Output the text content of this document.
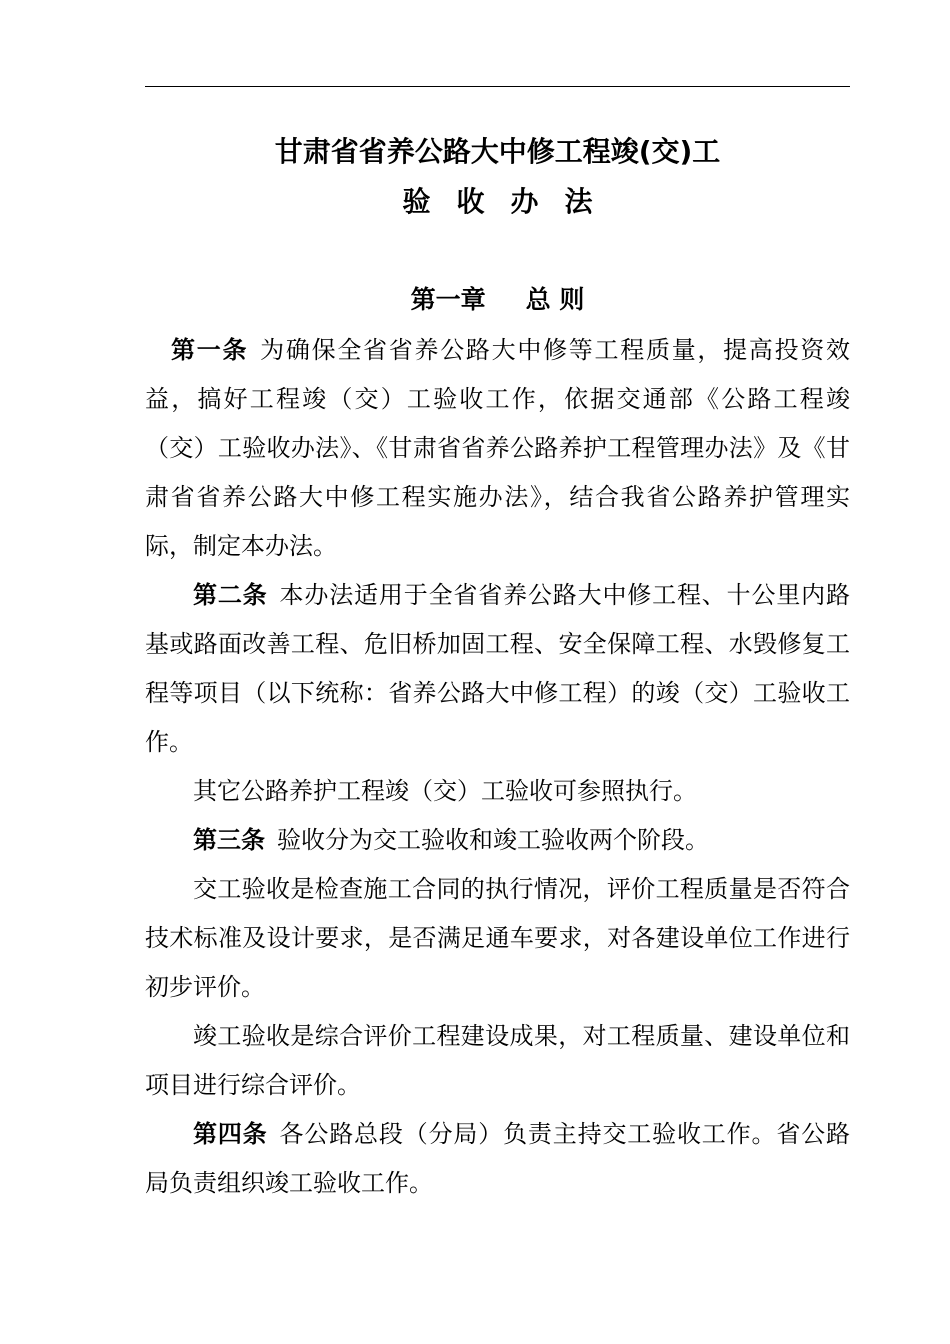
甘肃省省养公路大中修工程竣(交)工
验收办法
第一章 总 则

第一条 为确保全省省养公路大中修等工程质量，提高投资效益，搞好工程竣（交）工验收工作，依据交通部《公路工程竣（交）工验收办法》、《甘肃省省养公路养护工程管理办法》及《甘肃省省养公路大中修工程实施办法》，结合我省公路养护管理实际，制定本办法。

第二条 本办法适用于全省省养公路大中修工程、十公里内路基或路面改善工程、危旧桥加固工程、安全保障工程、水毁修复工程等项目（以下统称：省养公路大中修工程）的竣（交）工验收工作。

其它公路养护工程竣（交）工验收可参照执行。

第三条 验收分为交工验收和竣工验收两个阶段。

交工验收是检查施工合同的执行情况，评价工程质量是否符合技术标准及设计要求，是否满足通车要求，对各建设单位工作进行初步评价。

竣工验收是综合评价工程建设成果，对工程质量、建设单位和项目进行综合评价。

第四条 各公路总段（分局）负责主持交工验收工作。省公路局负责组织竣工验收工作。
